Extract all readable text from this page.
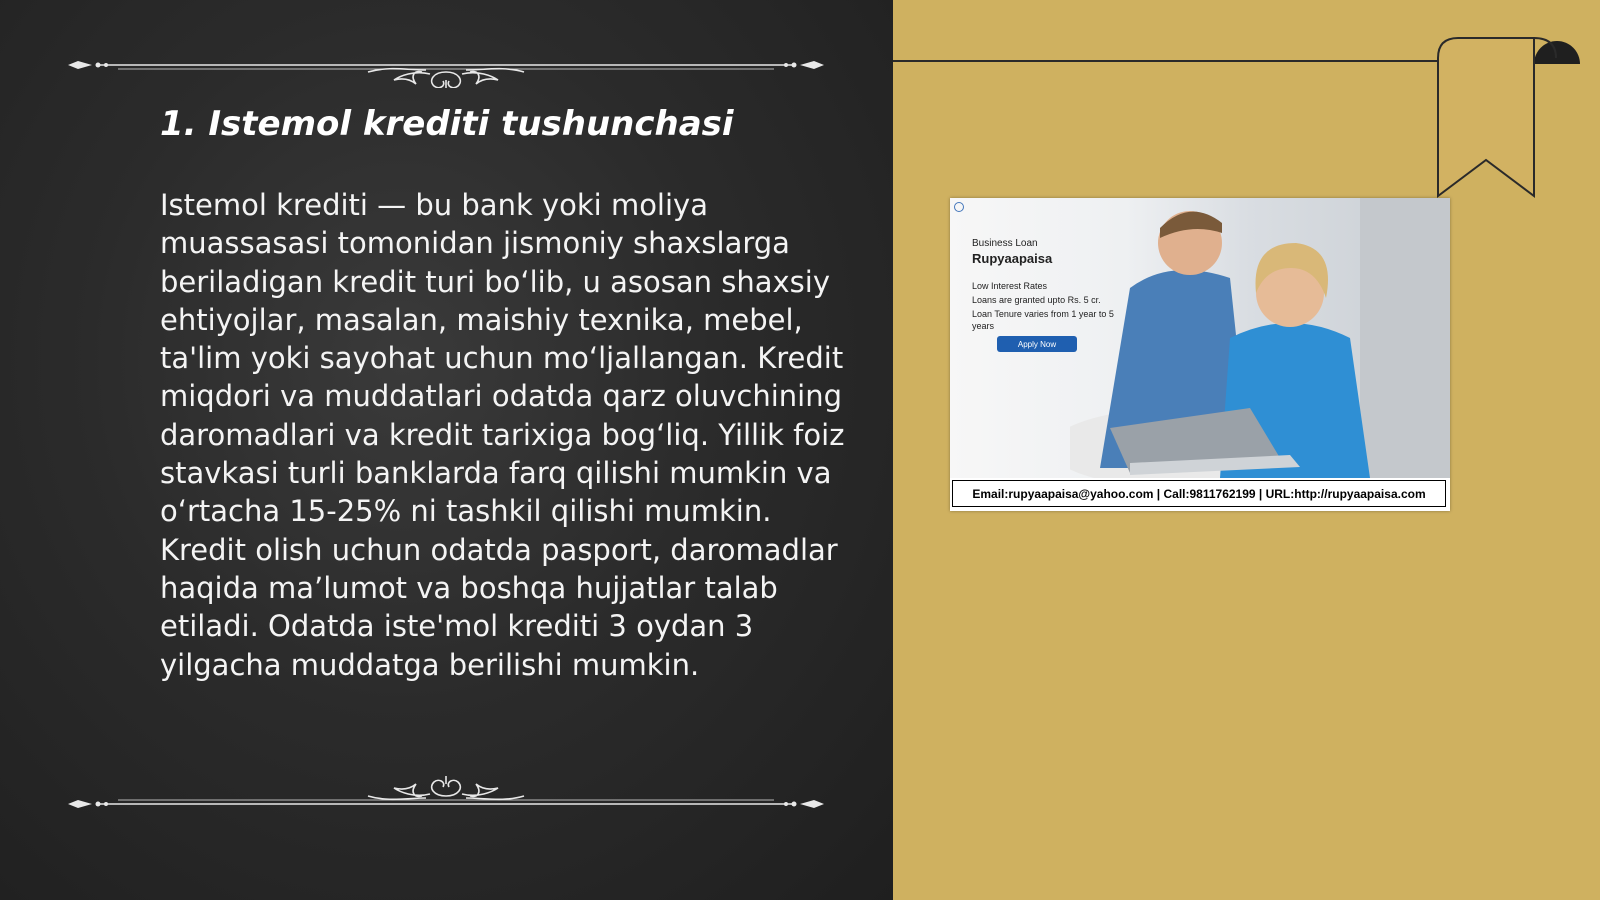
1. Istemol krediti tushunchasi

Istemol krediti — bu bank yoki moliya muassasasi tomonidan jismoniy shaxslarga beriladigan kredit turi bo‘lib, u asosan shaxsiy ehtiyojlar, masalan, maishiy texnika, mebel, ta'lim yoki sayohat uchun mo‘ljallangan. Kredit miqdori va muddatlari odatda qarz oluvchining daromadlari va kredit tarixiga bog‘liq. Yillik foiz stavkasi turli banklarda farq qilishi mumkin va o‘rtacha 15-25% ni tashkil qilishi mumkin. Kredit olish uchun odatda pasport, daromadlar haqida ma’lumot va boshqa hujjatlar talab etiladi. Odatda iste'mol krediti 3 oydan 3 yilgacha muddatga berilishi mumkin.

Business Loan

Rupyaapaisa

Low Interest Rates

Loans are granted upto Rs. 5 cr.

Loan Tenure varies from 1 year to 5 years

Apply Now
Email:rupyaapaisa@yahoo.com | Call:9811762199 | URL:http://rupyaapaisa.com
